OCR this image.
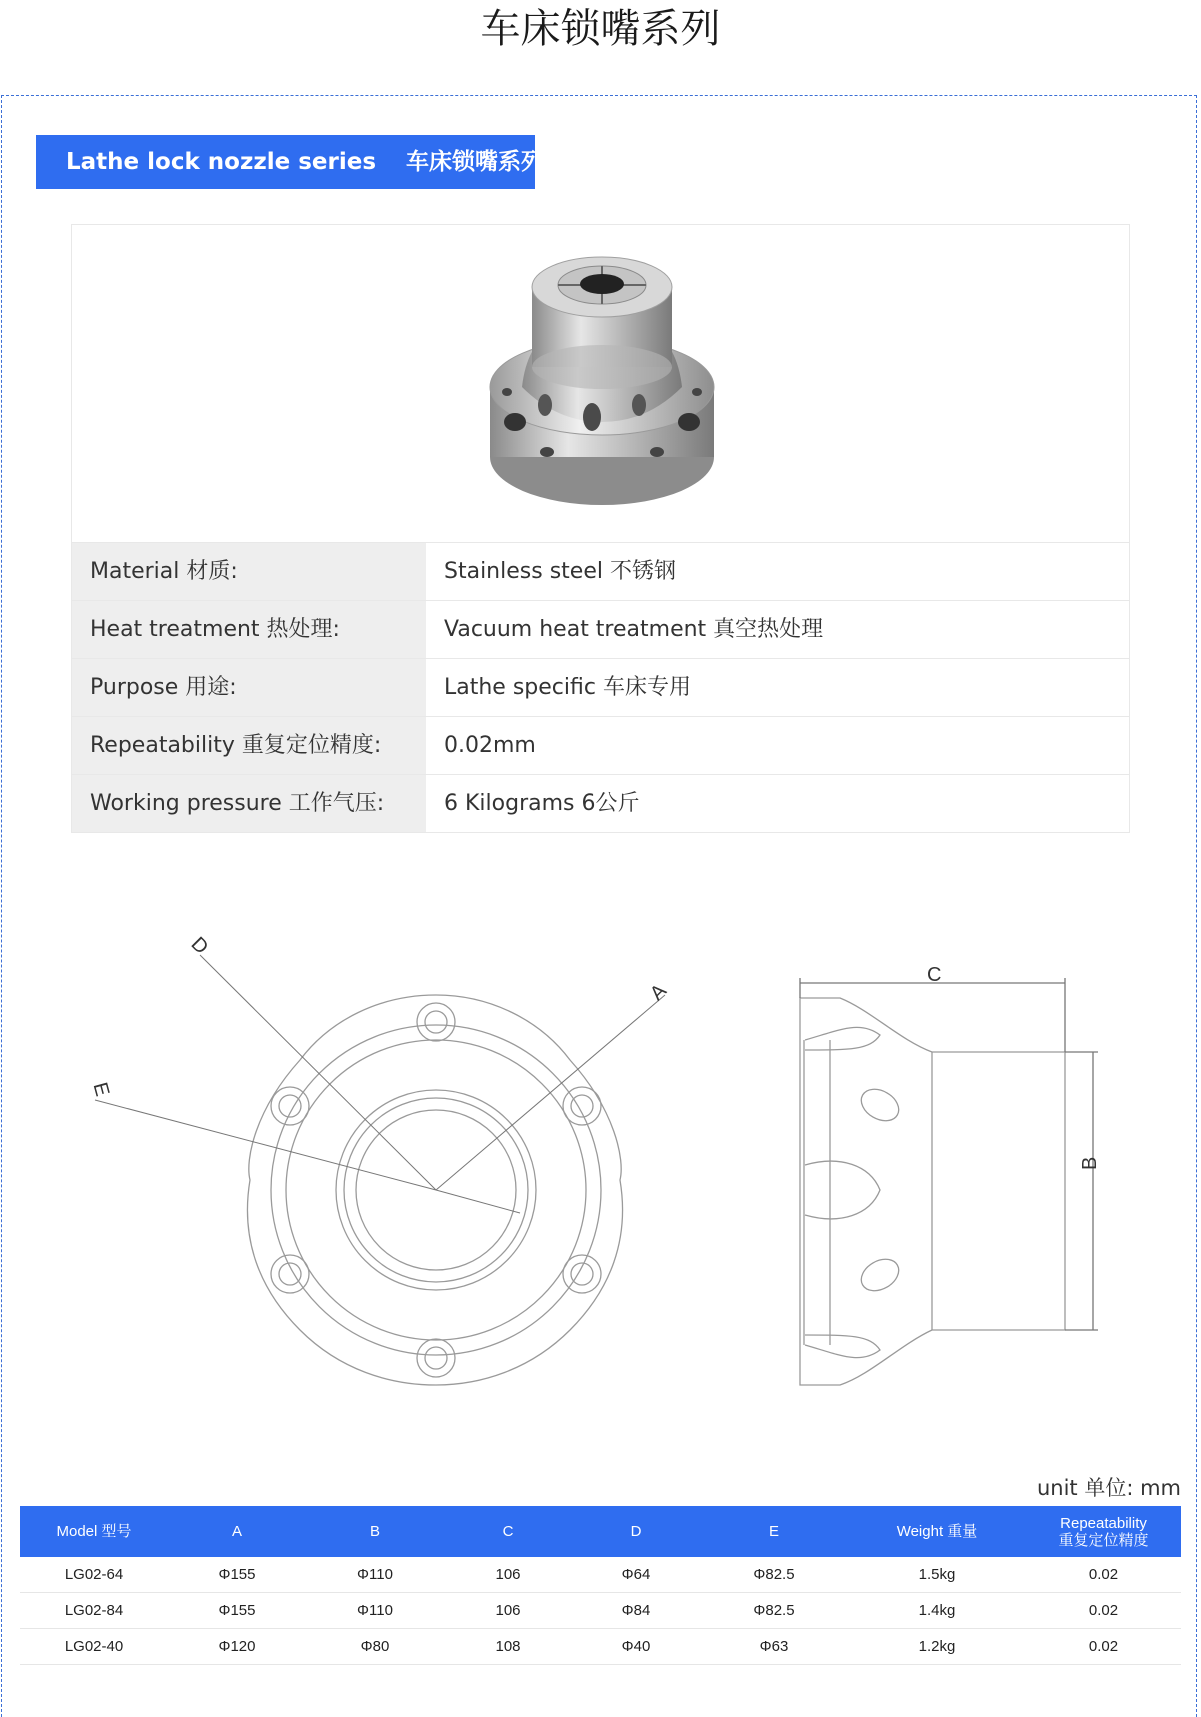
车床锁嘴系列
Lathe lock nozzle series 车床锁嘴系列
Material 材质:	Stainless steel 不锈钢
Heat treatment 热处理:	Vacuum heat treatment 真空热处理
Purpose 用途:	Lathe specific 车床专用
Repeatability 重复定位精度:	0.02mm
Working pressure 工作气压:	6 Kilograms 6公斤
D
A
E
C
B
unit 单位: mm
Model 型号	A	B	C	D	E	Weight 重量	Repeatability
重复定位精度

LG02-64	Φ155	Φ110	106	Φ64	Φ82.5	1.5kg	0.02
LG02-84	Φ155	Φ110	106	Φ84	Φ82.5	1.4kg	0.02
LG02-40	Φ120	Φ80	108	Φ40	Φ63	1.2kg	0.02
